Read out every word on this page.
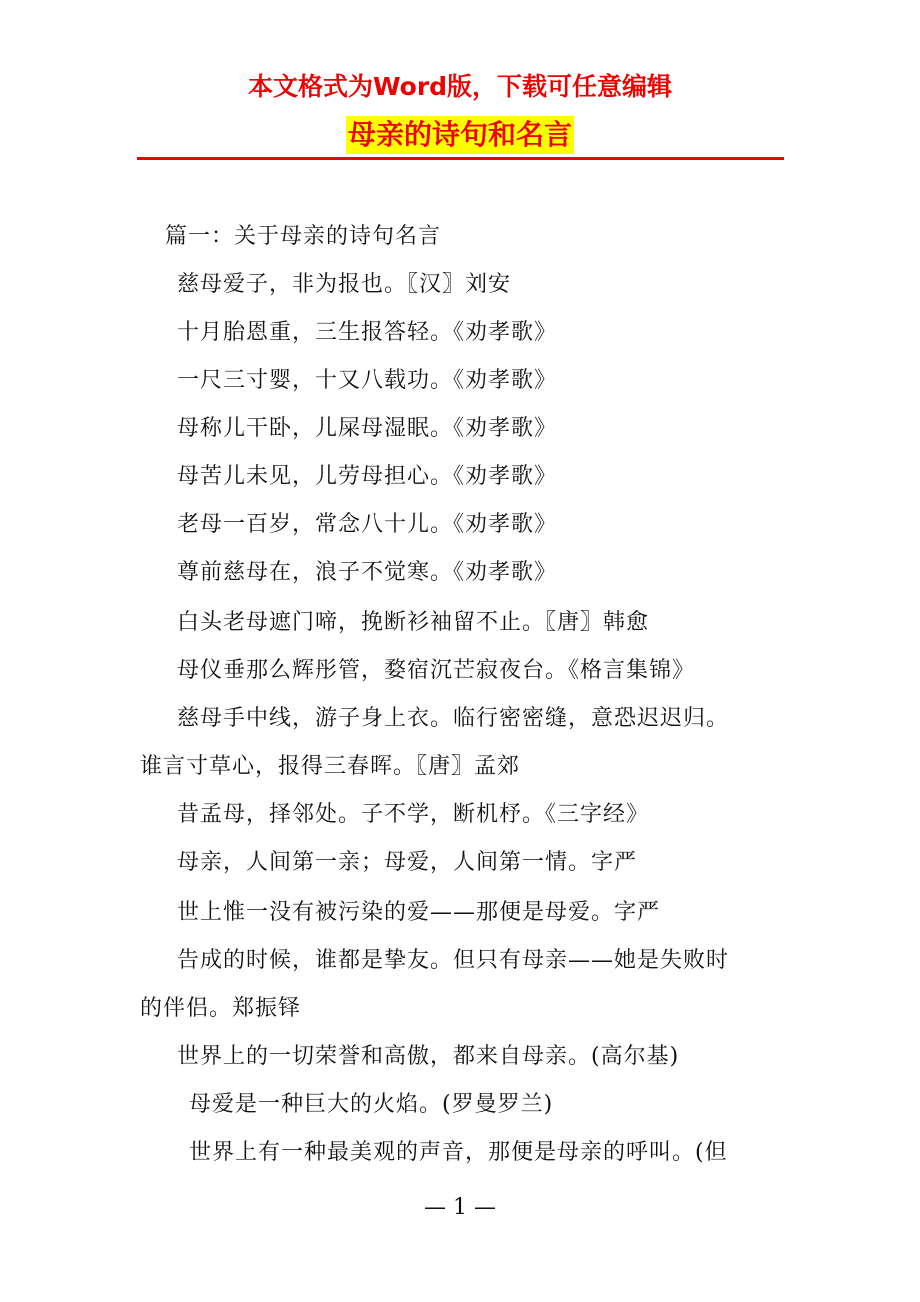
本文格式为Word版，下载可任意编辑
母亲的诗句和名言
篇一：关于母亲的诗句名言
慈母爱子，非为报也。〖汉〗刘安
十月胎恩重，三生报答轻。《劝孝歌》
一尺三寸婴，十又八载功。《劝孝歌》
母称儿干卧，儿屎母湿眠。《劝孝歌》
母苦儿未见，儿劳母担心。《劝孝歌》
老母一百岁，常念八十儿。《劝孝歌》
尊前慈母在，浪子不觉寒。《劝孝歌》
白头老母遮门啼，挽断衫袖留不止。〖唐〗韩愈
母仪垂那么辉彤管，婺宿沉芒寂夜台。《格言集锦》
慈母手中线，游子身上衣。临行密密缝，意恐迟迟归。
谁言寸草心，报得三春晖。〖唐〗孟郊
昔孟母，择邻处。子不学，断机杼。《三字经》
母亲，人间第一亲；母爱，人间第一情。字严
世上惟一没有被污染的爱——那便是母爱。字严
告成的时候，谁都是挚友。但只有母亲——她是失败时
的伴侣。郑振铎
世界上的一切荣誉和高傲，都来自母亲。(高尔基)
母爱是一种巨大的火焰。(罗曼罗兰)
世界上有一种最美观的声音，那便是母亲的呼叫。(但
— 1 —
